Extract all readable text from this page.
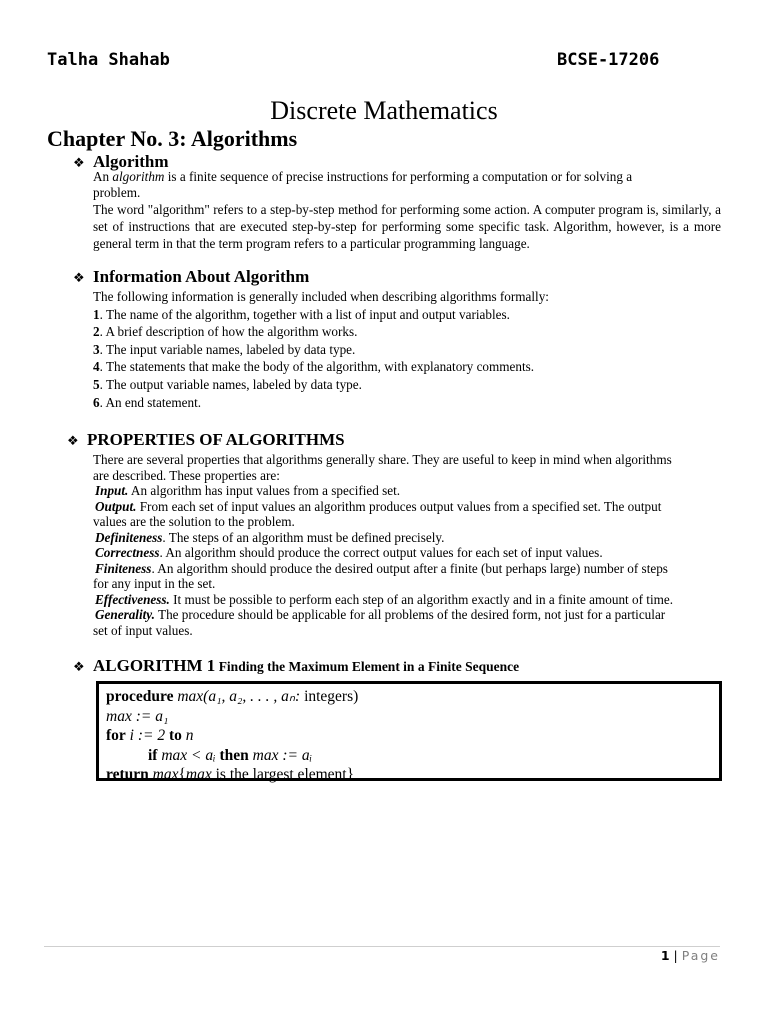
Talha Shahab	BCSE-17206
Discrete Mathematics
Chapter No. 3: Algorithms
❖ Algorithm
An algorithm is a finite sequence of precise instructions for performing a computation or for solving a
problem.
The word "algorithm" refers to a step-by-step method for performing some action. A computer program is, similarly, a set of instructions that are executed step-by-step for performing some specific task. Algorithm, however, is a more general term in that the term program refers to a particular programming language.
❖ Information About Algorithm
The following information is generally included when describing algorithms formally:
1. The name of the algorithm, together with a list of input and output variables.
2. A brief description of how the algorithm works.
3. The input variable names, labeled by data type.
4. The statements that make the body of the algorithm, with explanatory comments.
5. The output variable names, labeled by data type.
6. An end statement.
❖ PROPERTIES OF ALGORITHMS
There are several properties that algorithms generally share. They are useful to keep in mind when algorithms
are described. These properties are:
Input. An algorithm has input values from a specified set.
Output. From each set of input values an algorithm produces output values from a specified set. The output
values are the solution to the problem.
Definiteness. The steps of an algorithm must be defined precisely.
Correctness. An algorithm should produce the correct output values for each set of input values.
Finiteness. An algorithm should produce the desired output after a finite (but perhaps large) number of steps
for any input in the set.
Effectiveness. It must be possible to perform each step of an algorithm exactly and in a finite amount of time.
Generality. The procedure should be applicable for all problems of the desired form, not just for a particular
set of input values.
❖ ALGORITHM 1 Finding the Maximum Element in a Finite Sequence
procedure max(a₁, a₂, . . . , aₙ: integers)
max := a₁
for i := 2 to n
if max < aᵢ then max := aᵢ
return max{max is the largest element}
1 | Page
